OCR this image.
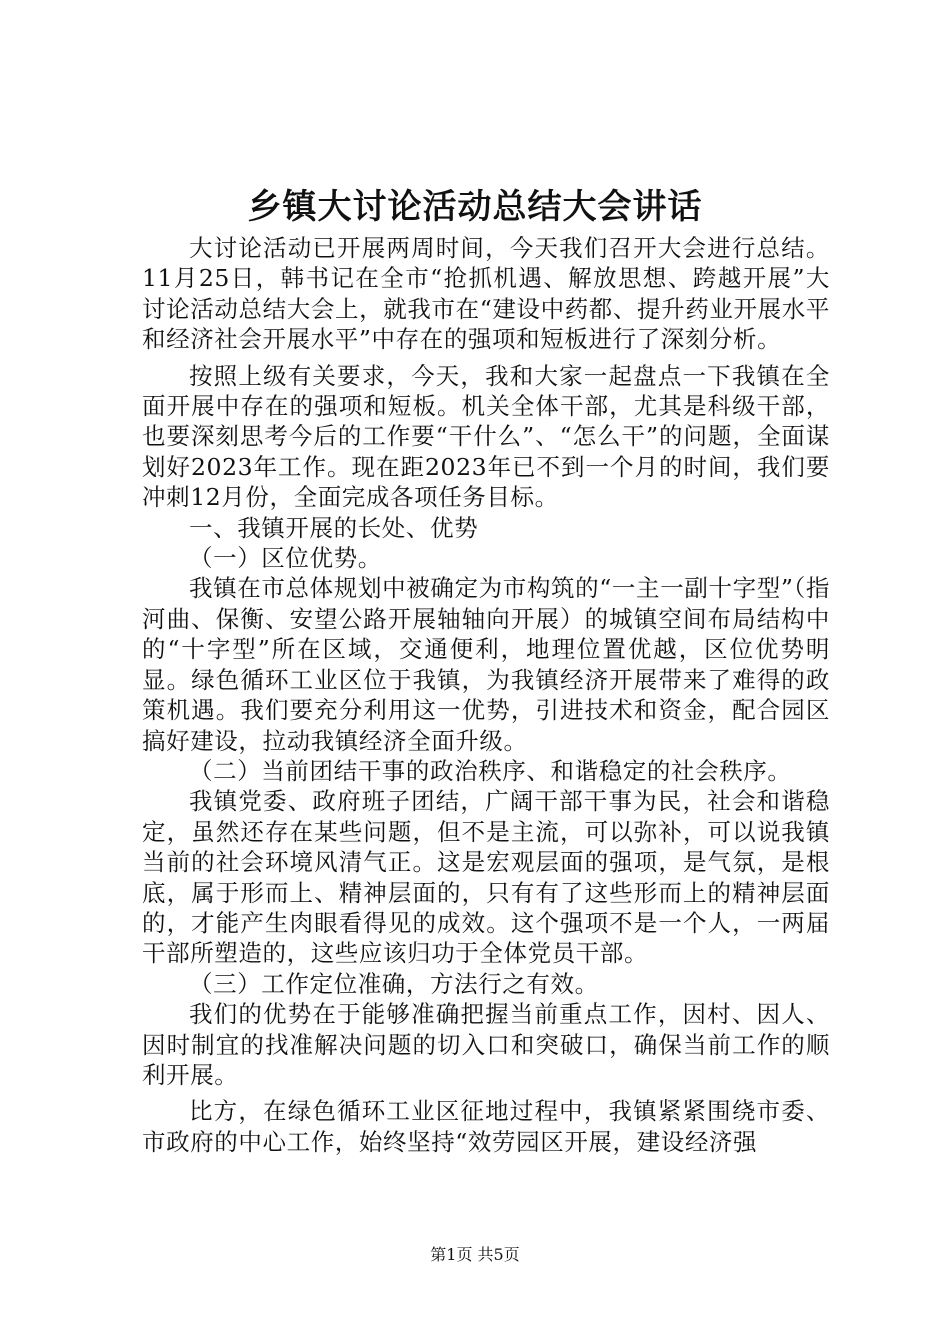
乡镇大讨论活动总结大会讲话

大讨论活动已开展两周时间，今天我们召开大会进行总结。11月25日，韩书记在全市“抢抓机遇、解放思想、跨越开展”大讨论活动总结大会上，就我市在“建设中药都、提升药业开展水平和经济社会开展水平”中存在的强项和短板进行了深刻分析。

按照上级有关要求，今天，我和大家一起盘点一下我镇在全面开展中存在的强项和短板。机关全体干部，尤其是科级干部，也要深刻思考今后的工作要“干什么”、“怎么干”的问题，全面谋划好2023年工作。现在距2023年已不到一个月的时间，我们要冲刺12月份，全面完成各项任务目标。

一、我镇开展的长处、优势

（一）区位优势。

我镇在市总体规划中被确定为市构筑的“一主一副十字型”（指河曲、保衡、安望公路开展轴轴向开展）的城镇空间布局结构中的“十字型”所在区域，交通便利，地理位置优越，区位优势明显。绿色循环工业区位于我镇，为我镇经济开展带来了难得的政策机遇。我们要充分利用这一优势，引进技术和资金，配合园区搞好建设，拉动我镇经济全面升级。

（二）当前团结干事的政治秩序、和谐稳定的社会秩序。

我镇党委、政府班子团结，广阔干部干事为民，社会和谐稳定，虽然还存在某些问题，但不是主流，可以弥补，可以说我镇当前的社会环境风清气正。这是宏观层面的强项，是气氛，是根底，属于形而上、精神层面的，只有有了这些形而上的精神层面的，才能产生肉眼看得见的成效。这个强项不是一个人，一两届干部所塑造的，这些应该归功于全体党员干部。

（三）工作定位准确，方法行之有效。

我们的优势在于能够准确把握当前重点工作，因村、因人、因时制宜的找准解决问题的切入口和突破口，确保当前工作的顺利开展。

比方，在绿色循环工业区征地过程中，我镇紧紧围绕市委、市政府的中心工作，始终坚持“效劳园区开展，建设经济强

第1页 共5页
